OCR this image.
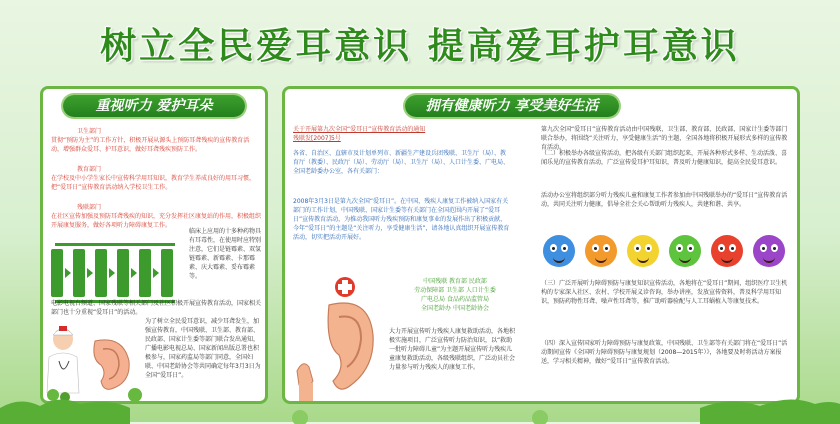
树立全民爱耳意识 提高爱耳护耳意识
重视听力 爱护耳朵
卫生部门
贯彻“预防为主”的工作方针，积极开展从源头上预防耳聋残疾的宣传教育活动，增强群众爱耳、护耳意识，做好耳聋残疾预防工作。
教育部门
在学校及中小学生家长中宣传科学用耳知识，教育学生养成良好的用耳习惯，把“爱耳日”宣传教育活动纳入学校卫生工作。
残联部门
在社区宣传加强及预防耳聋残疾的知识，充分发挥社区康复站的作用，积极组织开展康复服务，做好各项听力障碍康复工作。
临床上应用的十多种药物具有耳毒性，在使用时应特别注意，它们是链霉素、双氢链霉素、新霉素、卡那霉素、庆大霉素、妥布霉素等。
电影电视台频道、国家残联等相关部门及社区积极开展宣传教育活动，国家相关部门也十分重视“爱耳日”的活动。
为了树立全民爱耳意识，减少耳聋发生，加强宣传教育，中国残联、卫生部、教育部、民政部、国家计生委等部门联合发出通知，广播电影电视总局、国家新闻出版总署也积极参与，国家药监局等部门同意，全国妇联、中国老龄协会等共同确定每年3月3日为全国“爱耳日”。
拥有健康听力 享受美好生活
关于开展第九次全国“爱耳日”宣传教育活动的通知
残联发[2007]5号
各省、自治区、直辖市及计划单列市、新疆生产建设兵团残联、卫生厅（局）、教育厅（教委）、民政厅（局）、劳动厅（局）、卫生厅（局）、人口计生委、广电局、全国老龄委办公室，各有关部门：
2008年3月3日是第九次全国“爱耳日”。在中国，残疾人康复工作被纳入国家有关部门的工作计划，中国残联、国家计生委等有关部门在全国范围内开展了“爱耳日”宣传教育活动，为推动我国听力残疾预防和康复事业的发展作出了积极贡献，今年“爱耳日”的主题是“关注听力，享受健康生活”，请各地认真组织开展宣传教育活动，切实把活动开展好。
中国残联 教育部 民政部
劳动保障部 卫生部 人口计生委
广电总局 食品药品监管局
全国老龄办 中国老龄协会
大力开展宣传听力残疾人康复救助活动，各地积极实施项目，广泛宣传听力防治知识，以“救助一批听力障碍儿童”为主题开展宣传听力残疾儿童康复救助活动，各级残联组织，广泛动员社会力量参与听力残疾人的康复工作。
第九次全国“爱耳日”宣传教育活动由中国残联、卫生部、教育部、民政部、国家计生委等部门联合举办，将围绕“关注听力，享受健康生活”的主题，全国各地将积极开展形式多样的宣传教育活动。
（二）积极举办各级宣传活动，把各级有关部门组织起来，开展各种形式多样、生动活泼、喜闻乐见的宣传教育活动，广泛宣传爱耳护耳知识，普及听力健康知识，提高全民爱耳意识。
活动办公室将组织部分听力残疾儿童和康复工作者参加由中国残联举办的“爱耳日”宣传教育活动，共同关注听力健康，倡导全社会关心帮助听力残疾人，共建和谐、共享。
（三）广泛开展听力障碍预防与康复知识宣传活动，各地将在“爱耳日”期间，组织医疗卫生机构的专家深入社区、农村、学校开展义诊咨询，举办讲座，发放宣传资料，普及科学用耳知识，预防药物性耳聋、噪声性耳聋等，推广助听器验配与人工耳蜗植入等康复技术。
（四）深入宣传国家听力障碍预防与康复政策，中国残联、卫生部等有关部门将在“爱耳日”活动期间宣传《全国听力障碍预防与康复规划（2008—2015年）》，各地要及时将活动方案报送，学习相关精神，做好“爱耳日”宣传教育活动。
